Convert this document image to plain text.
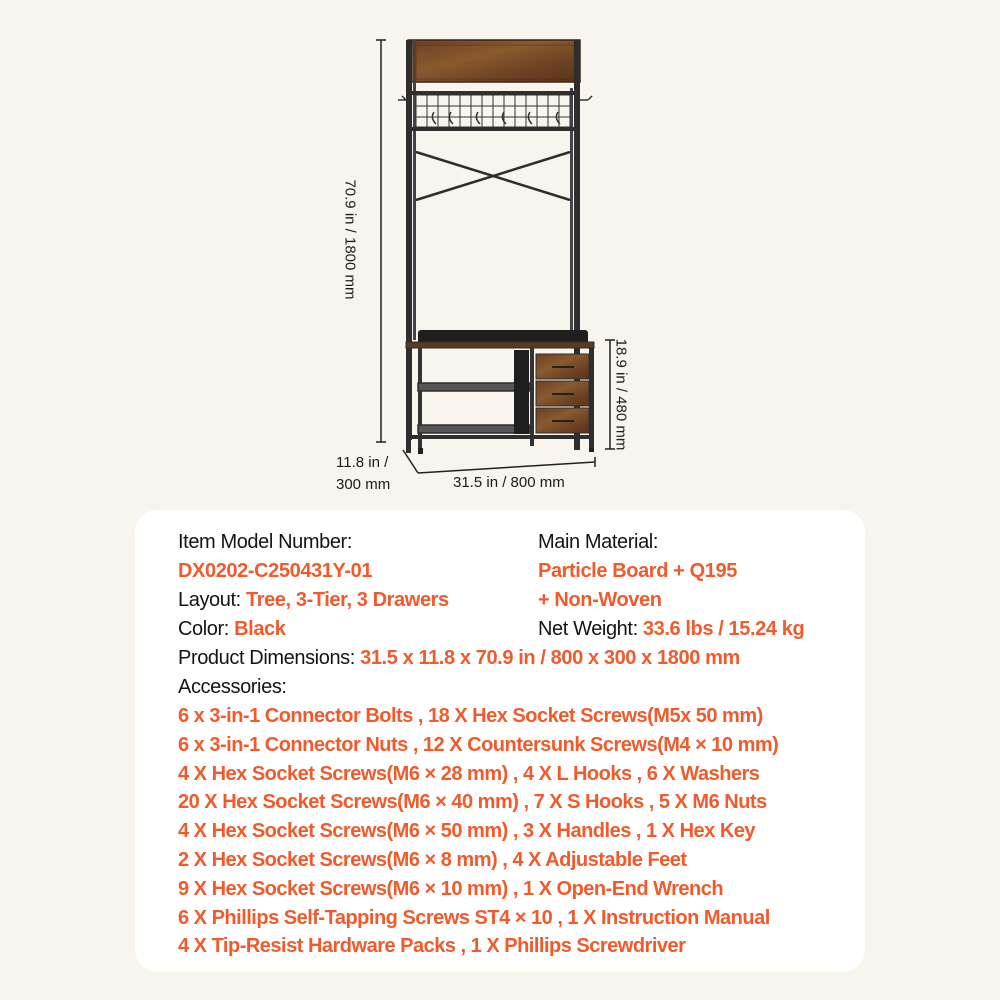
70.9 in / 1800 mm
18.9 in / 480 mm
11.8 in /
300 mm	31.5 in / 800 mm
Item Model Number:
DX0202-C250431Y-01
Layout: Tree, 3-Tier, 3 Drawers
Color: Black
Main Material:
Particle Board + Q195
+ Non-Woven
Net Weight: 33.6 lbs / 15.24 kg
Product Dimensions: 31.5 x 11.8 x 70.9 in / 800 x 300 x 1800 mm
Accessories:
6 x 3-in-1 Connector Bolts , 18 X Hex Socket Screws(M5x 50 mm)
6 x 3-in-1 Connector Nuts , 12 X Countersunk Screws(M4 × 10 mm)
4 X Hex Socket Screws(M6 × 28 mm) , 4 X L Hooks , 6 X Washers
20 X Hex Socket Screws(M6 × 40 mm) , 7 X S Hooks , 5 X M6 Nuts
4 X Hex Socket Screws(M6 × 50 mm) , 3 X Handles , 1 X Hex Key
2 X Hex Socket Screws(M6 × 8 mm) , 4 X Adjustable Feet
9 X Hex Socket Screws(M6 × 10 mm) , 1 X Open-End Wrench
6 X Phillips Self-Tapping Screws ST4 × 10 , 1 X Instruction Manual
4 X Tip-Resist Hardware Packs , 1 X Phillips Screwdriver
